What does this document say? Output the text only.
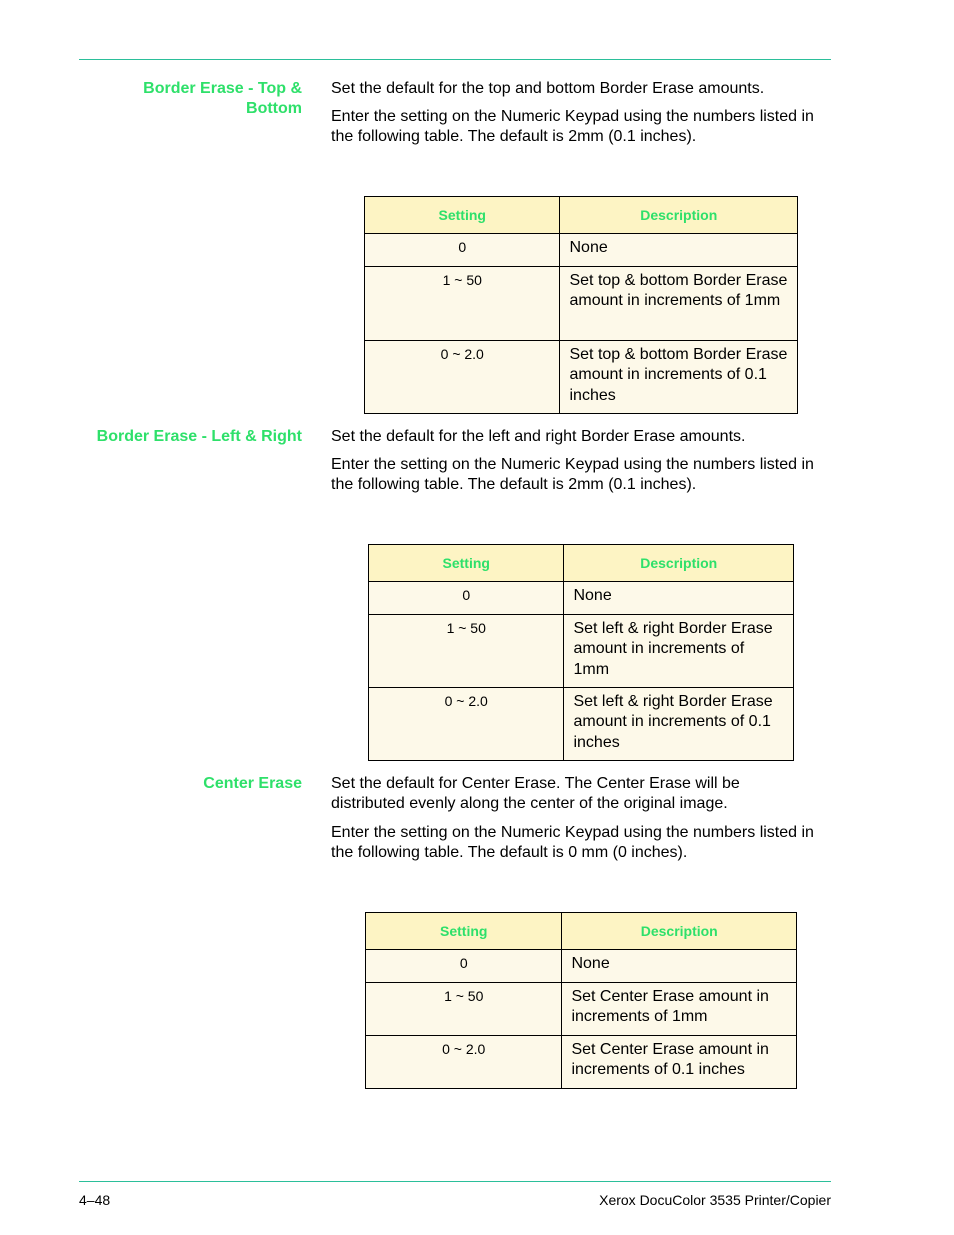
Border Erase - Top &
Bottom

Set the default for the top and bottom Border Erase amounts.

Enter the setting on the Numeric Keypad using the numbers listed in the following table. The default is 2mm (0.1 inches).

Setting	Description
0	None
1 ~ 50	Set top & bottom Border Erase amount in increments of 1mm
0 ~ 2.0	Set top & bottom Border Erase amount in increments of 0.1 inches
Border Erase - Left & Right Set the default for the left and right Border Erase amounts.

Enter the setting on the Numeric Keypad using the numbers listed in the following table. The default is 2mm (0.1 inches).

Setting	Description
0	None
1 ~ 50	Set left & right Border Erase amount in increments of 1mm
0 ~ 2.0	Set left & right Border Erase amount in increments of 0.1 inches
Center Erase Set the default for Center Erase. The Center Erase will be distributed evenly along the center of the original image.

Enter the setting on the Numeric Keypad using the numbers listed in the following table. The default is 0 mm (0 inches).

Setting	Description
0	None
1 ~ 50	Set Center Erase amount in increments of 1mm
0 ~ 2.0	Set Center Erase amount in increments of 0.1 inches
4–48	Xerox DocuColor 3535 Printer/Copier
